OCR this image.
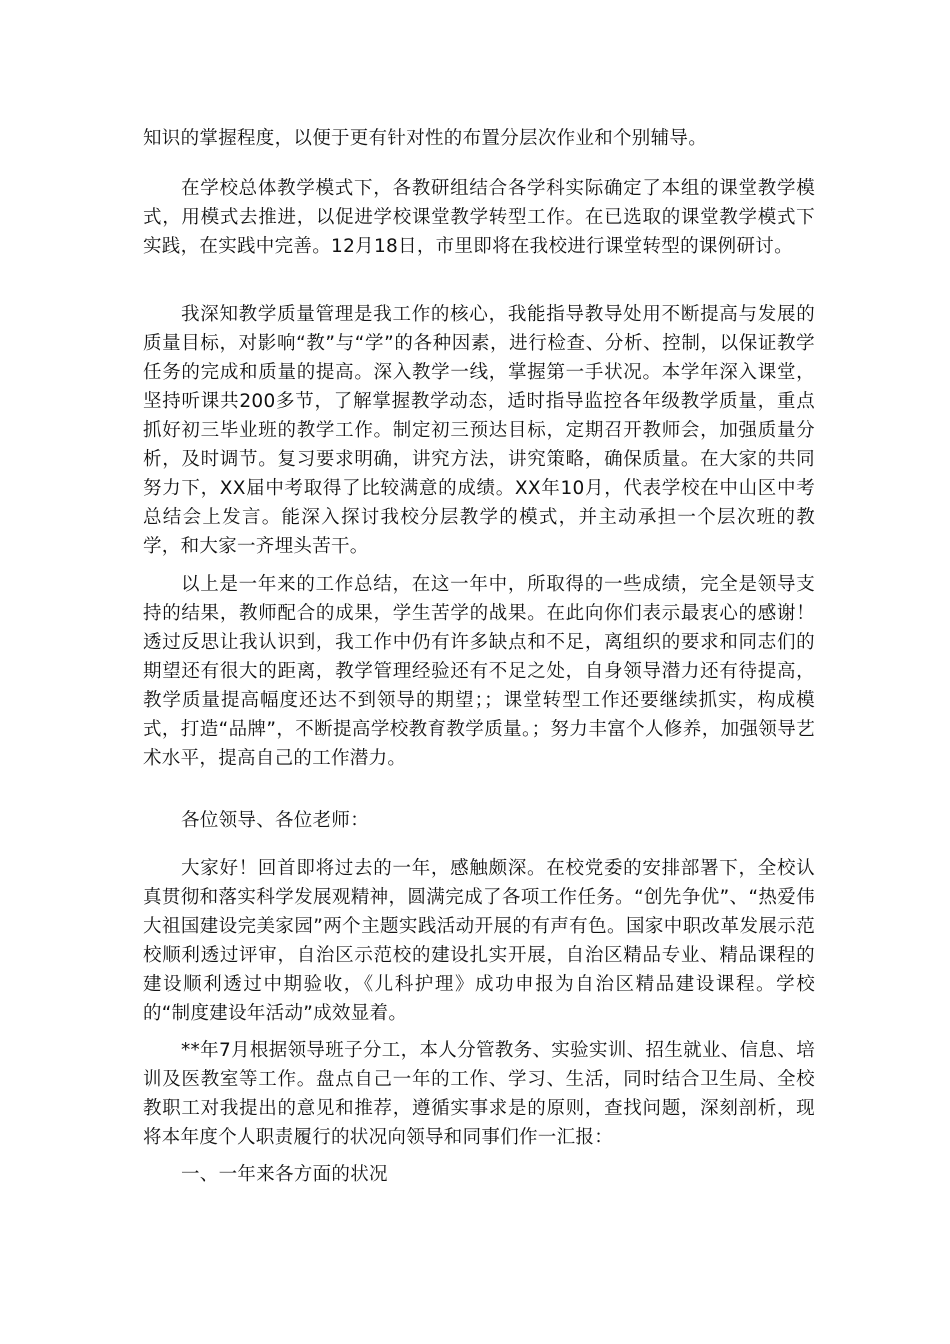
知识的掌握程度，以便于更有针对性的布置分层次作业和个别辅导。

在学校总体教学模式下，各教研组结合各学科实际确定了本组的课堂教学模式，用模式去推进，以促进学校课堂教学转型工作。在已选取的课堂教学模式下实践，在实践中完善。12月18日，市里即将在我校进行课堂转型的课例研讨。

我深知教学质量管理是我工作的核心，我能指导教导处用不断提高与发展的质量目标，对影响“教”与“学”的各种因素，进行检查、分析、控制，以保证教学任务的完成和质量的提高。深入教学一线，掌握第一手状况。本学年深入课堂，坚持听课共200多节，了解掌握教学动态，适时指导监控各年级教学质量，重点抓好初三毕业班的教学工作。制定初三预达目标，定期召开教师会，加强质量分析，及时调节。复习要求明确，讲究方法，讲究策略，确保质量。在大家的共同努力下，XX届中考取得了比较满意的成绩。XX年10月，代表学校在中山区中考总结会上发言。能深入探讨我校分层教学的模式，并主动承担一个层次班的教学，和大家一齐埋头苦干。

以上是一年来的工作总结，在这一年中，所取得的一些成绩，完全是领导支持的结果，教师配合的成果，学生苦学的战果。在此向你们表示最衷心的感谢！透过反思让我认识到，我工作中仍有许多缺点和不足，离组织的要求和同志们的期望还有很大的距离，教学管理经验还有不足之处，自身领导潜力还有待提高，教学质量提高幅度还达不到领导的期望；；课堂转型工作还要继续抓实，构成模式，打造“品牌”，不断提高学校教育教学质量。；努力丰富个人修养，加强领导艺术水平，提高自己的工作潜力。

各位领导、各位老师：

大家好！回首即将过去的一年，感触颇深。在校党委的安排部署下，全校认真贯彻和落实科学发展观精神，圆满完成了各项工作任务。“创先争优”、“热爱伟大祖国建设完美家园”两个主题实践活动开展的有声有色。国家中职改革发展示范校顺利透过评审，自治区示范校的建设扎实开展，自治区精品专业、精品课程的建设顺利透过中期验收，《儿科护理》成功申报为自治区精品建设课程。学校的“制度建设年活动”成效显着。

**年7月根据领导班子分工，本人分管教务、实验实训、招生就业、信息、培训及医教室等工作。盘点自己一年的工作、学习、生活，同时结合卫生局、全校教职工对我提出的意见和推荐，遵循实事求是的原则，查找问题，深刻剖析，现将本年度个人职责履行的状况向领导和同事们作一汇报：

一、一年来各方面的状况
